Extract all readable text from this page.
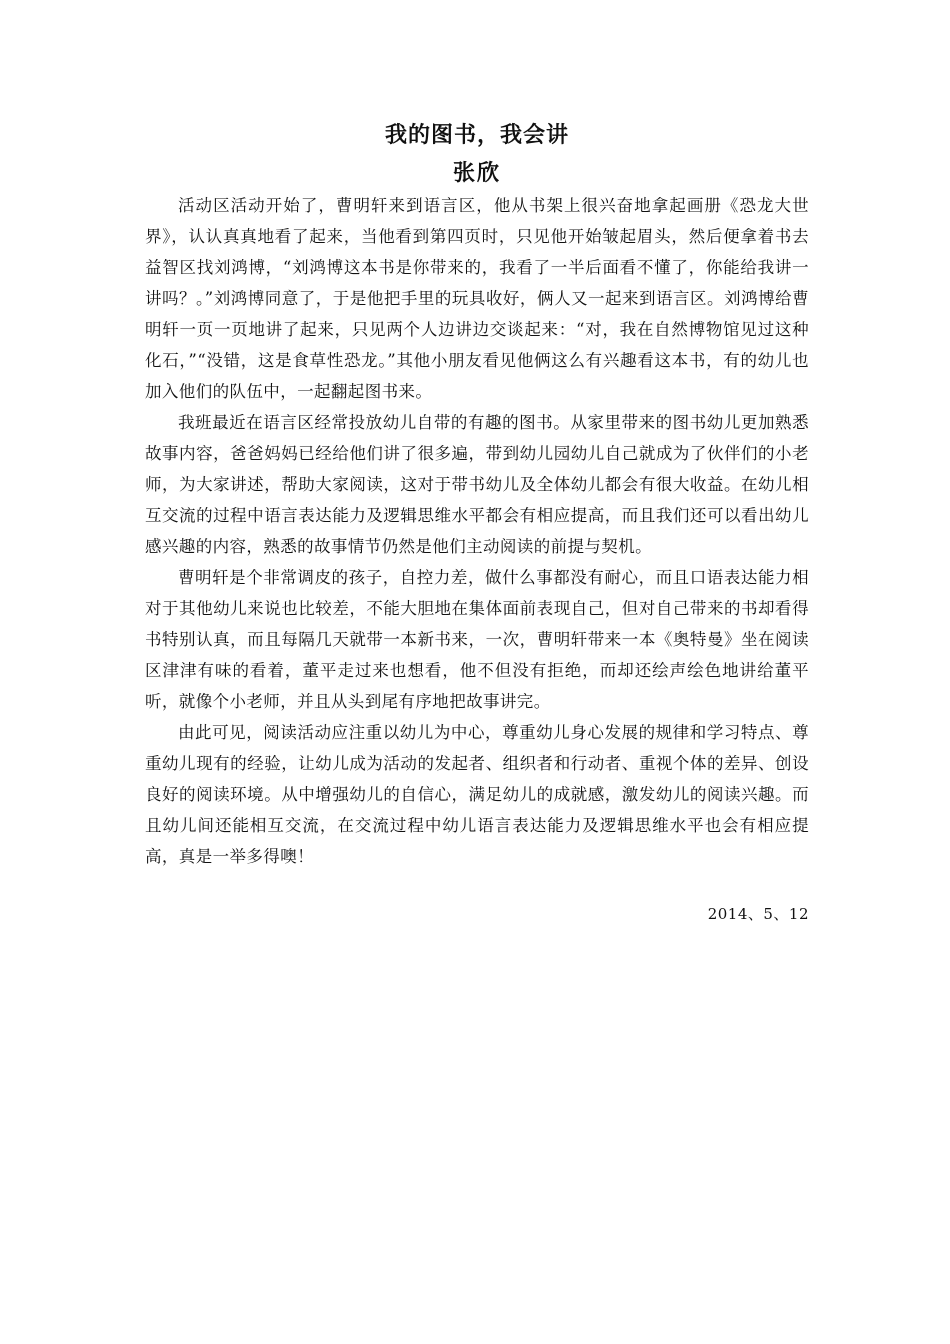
我的图书，我会讲
张欣

活动区活动开始了，曹明轩来到语言区，他从书架上很兴奋地拿起画册《恐龙大世界》，认认真真地看了起来，当他看到第四页时，只见他开始皱起眉头，然后便拿着书去益智区找刘鸿博，“刘鸿博这本书是你带来的，我看了一半后面看不懂了，你能给我讲一讲吗？。”刘鸿博同意了，于是他把手里的玩具收好，俩人又一起来到语言区。刘鸿博给曹明轩一页一页地讲了起来，只见两个人边讲边交谈起来：“对，我在自然博物馆见过这种化石，”“没错，这是食草性恐龙。”其他小朋友看见他俩这么有兴趣看这本书，有的幼儿也加入他们的队伍中，一起翻起图书来。

我班最近在语言区经常投放幼儿自带的有趣的图书。从家里带来的图书幼儿更加熟悉故事内容，爸爸妈妈已经给他们讲了很多遍，带到幼儿园幼儿自己就成为了伙伴们的小老师，为大家讲述，帮助大家阅读，这对于带书幼儿及全体幼儿都会有很大收益。在幼儿相互交流的过程中语言表达能力及逻辑思维水平都会有相应提高，而且我们还可以看出幼儿感兴趣的内容，熟悉的故事情节仍然是他们主动阅读的前提与契机。

曹明轩是个非常调皮的孩子，自控力差，做什么事都没有耐心，而且口语表达能力相对于其他幼儿来说也比较差，不能大胆地在集体面前表现自己，但对自己带来的书却看得书特别认真，而且每隔几天就带一本新书来，一次，曹明轩带来一本《奥特曼》坐在阅读区津津有味的看着，董平走过来也想看，他不但没有拒绝，而却还绘声绘色地讲给董平听，就像个小老师，并且从头到尾有序地把故事讲完。

由此可见，阅读活动应注重以幼儿为中心，尊重幼儿身心发展的规律和学习特点、尊重幼儿现有的经验，让幼儿成为活动的发起者、组织者和行动者、重视个体的差异、创设良好的阅读环境。从中增强幼儿的自信心，满足幼儿的成就感，激发幼儿的阅读兴趣。而且幼儿间还能相互交流，在交流过程中幼儿语言表达能力及逻辑思维水平也会有相应提高，真是一举多得噢！

2014、5、12
